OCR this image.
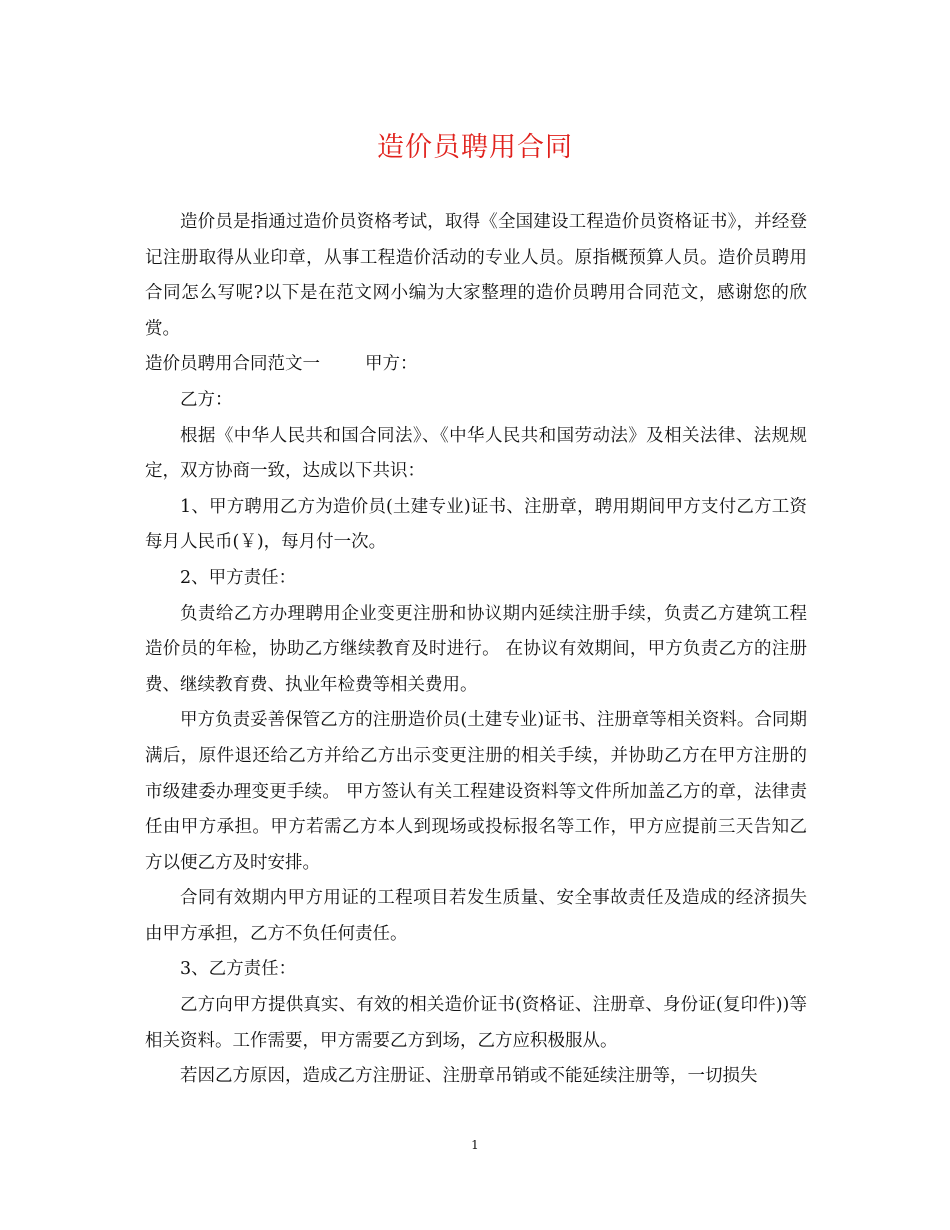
造价员聘用合同

造价员是指通过造价员资格考试，取得《全国建设工程造价员资格证书》，并经登记注册取得从业印章，从事工程造价活动的专业人员。原指概预算人员。造价员聘用合同怎么写呢?以下是在范文网小编为大家整理的造价员聘用合同范文，感谢您的欣赏。

造价员聘用合同范文一	甲方：

乙方：

根据《中华人民共和国合同法》、《中华人民共和国劳动法》及相关法律、法规规定，双方协商一致，达成以下共识：

1、甲方聘用乙方为造价员(土建专业)证书、注册章，聘用期间甲方支付乙方工资每月人民币(￥)，每月付一次。

2、甲方责任：

负责给乙方办理聘用企业变更注册和协议期内延续注册手续，负责乙方建筑工程造价员的年检，协助乙方继续教育及时进行。 在协议有效期间，甲方负责乙方的注册费、继续教育费、执业年检费等相关费用。

甲方负责妥善保管乙方的注册造价员(土建专业)证书、注册章等相关资料。合同期满后，原件退还给乙方并给乙方出示变更注册的相关手续，并协助乙方在甲方注册的市级建委办理变更手续。 甲方签认有关工程建设资料等文件所加盖乙方的章，法律责任由甲方承担。甲方若需乙方本人到现场或投标报名等工作，甲方应提前三天告知乙方以便乙方及时安排。

合同有效期内甲方用证的工程项目若发生质量、安全事故责任及造成的经济损失由甲方承担，乙方不负任何责任。

3、乙方责任：

乙方向甲方提供真实、有效的相关造价证书(资格证、注册章、身份证(复印件))等相关资料。工作需要，甲方需要乙方到场，乙方应积极服从。

若因乙方原因，造成乙方注册证、注册章吊销或不能延续注册等，一切损失

1
